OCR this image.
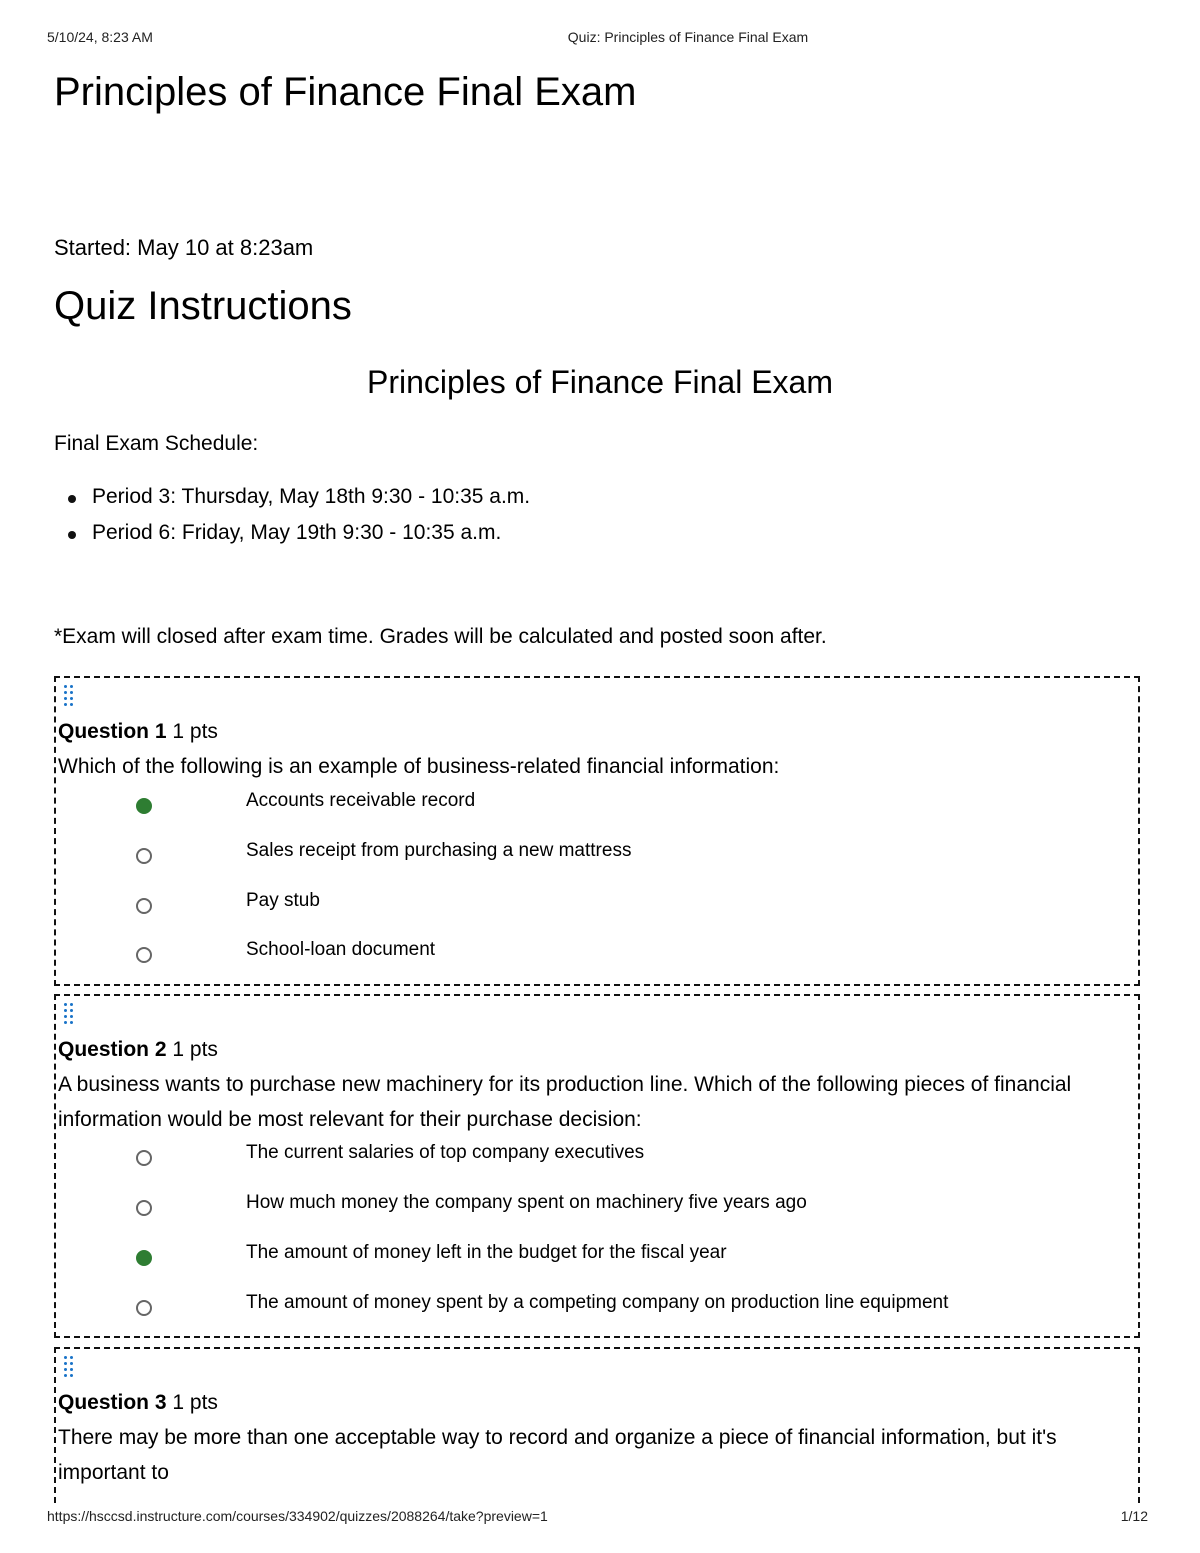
5/10/24, 8:23 AM	Quiz: Principles of Finance Final Exam
https://hsccsd.instructure.com/courses/334902/quizzes/2088264/take?preview=1	1/12
Principles of Finance Final Exam
Started: May 10 at 8:23am
Quiz Instructions
Principles of Finance Final Exam
Final Exam Schedule:
Period 3: Thursday, May 18th 9:30 - 10:35 a.m.
Period 6: Friday, May 19th 9:30 - 10:35 a.m.
*Exam will closed after exam time. Grades will be calculated and posted soon after.
Question 1 1 pts
Which of the following is an example of business-related financial information:
Accounts receivable record
Sales receipt from purchasing a new mattress
Pay stub
School-loan document
Question 2 1 pts
A business wants to purchase new machinery for its production line. Which of the following pieces of financial information would be most relevant for their purchase decision:
The current salaries of top company executives
How much money the company spent on machinery five years ago
The amount of money left in the budget for the fiscal year
The amount of money spent by a competing company on production line equipment
Question 3 1 pts
There may be more than one acceptable way to record and organize a piece of financial information, but it's important to
